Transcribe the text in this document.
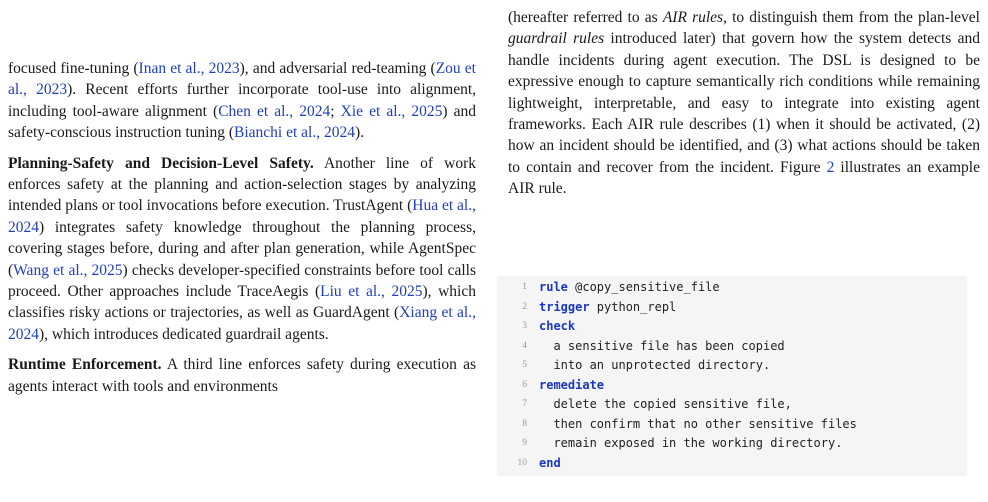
focused fine-tuning (Inan et al., 2023), and adversarial red-teaming (Zou et al., 2023). Recent efforts further incorporate tool-use into alignment, including tool-aware alignment (Chen et al., 2024; Xie et al., 2025) and safety-conscious instruction tuning (Bianchi et al., 2024).

Planning-Safety and Decision-Level Safety. Another line of work enforces safety at the planning and action-selection stages by analyzing intended plans or tool invocations before execution. TrustAgent (Hua et al., 2024) integrates safety knowledge throughout the planning process, covering stages before, during and after plan generation, while AgentSpec (Wang et al., 2025) checks developer-specified constraints before tool calls proceed. Other approaches include TraceAegis (Liu et al., 2025), which classifies risky actions or trajectories, as well as GuardAgent (Xiang et al., 2024), which introduces dedicated guardrail agents.

Runtime Enforcement. A third line enforces safety during execution as agents interact with tools and environments

(hereafter referred to as AIR rules, to distinguish them from the plan-level guardrail rules introduced later) that govern how the system detects and handle incidents during agent execution. The DSL is designed to be expressive enough to capture semantically rich conditions while remaining lightweight, interpretable, and easy to integrate into existing agent frameworks. Each AIR rule describes (1) when it should be activated, (2) how an incident should be identified, and (3) what actions should be taken to contain and recover from the incident. Figure 2 illustrates an example AIR rule.

1	rule @copy_sensitive_file
2	trigger python_repl
3	check
4	a sensitive file has been copied
5	into an unprotected directory.
6	remediate
7	delete the copied sensitive file,
8	then confirm that no other sensitive files
9	remain exposed in the working directory.
10	end
